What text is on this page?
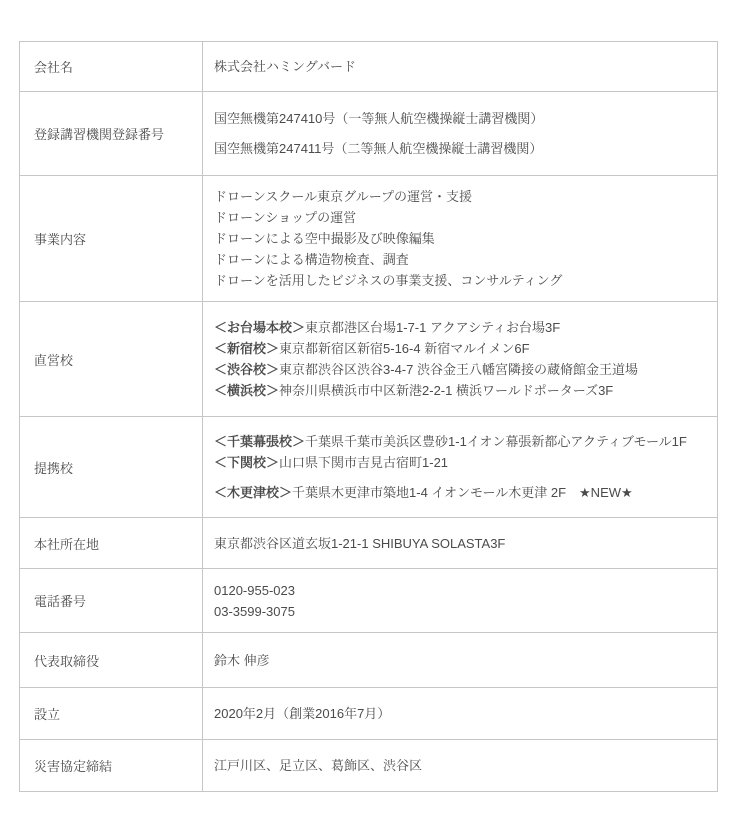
会社名	株式会社ハミングバード

登録講習機関登録番号	国空無機第247410号（一等無人航空機操縦士講習機関）
国空無機第247411号（二等無人航空機操縦士講習機関）

事業内容	ドローンスクール東京グループの運営・支援
ドローンショップの運営
ドローンによる空中撮影及び映像編集
ドローンによる構造物検査、調査
ドローンを活用したビジネスの事業支援、コンサルティング

直営校	＜お台場本校＞東京都港区台場1-7-1 アクアシティお台場3F
＜新宿校＞東京都新宿区新宿5-16-4 新宿マルイメン6F
＜渋谷校＞東京都渋谷区渋谷3-4-7 渋谷金王八幡宮隣接の蔵脩館金王道場
＜横浜校＞神奈川県横浜市中区新港2-2-1 横浜ワールドポーターズ3F

提携校	＜千葉幕張校＞千葉県千葉市美浜区豊砂1-1イオン幕張新都心アクティブモール1F
＜下関校＞山口県下関市吉見古宿町1-21
＜木更津校＞千葉県木更津市築地1-4 イオンモール木更津 2F　★NEW★

本社所在地	東京都渋谷区道玄坂1-21-1 SHIBUYA SOLASTA3F

電話番号	0120-955-023
03-3599-3075

代表取締役	鈴木 伸彦

設立	2020年2月（創業2016年7月）

災害協定締結	江戸川区、足立区、葛飾区、渋谷区
